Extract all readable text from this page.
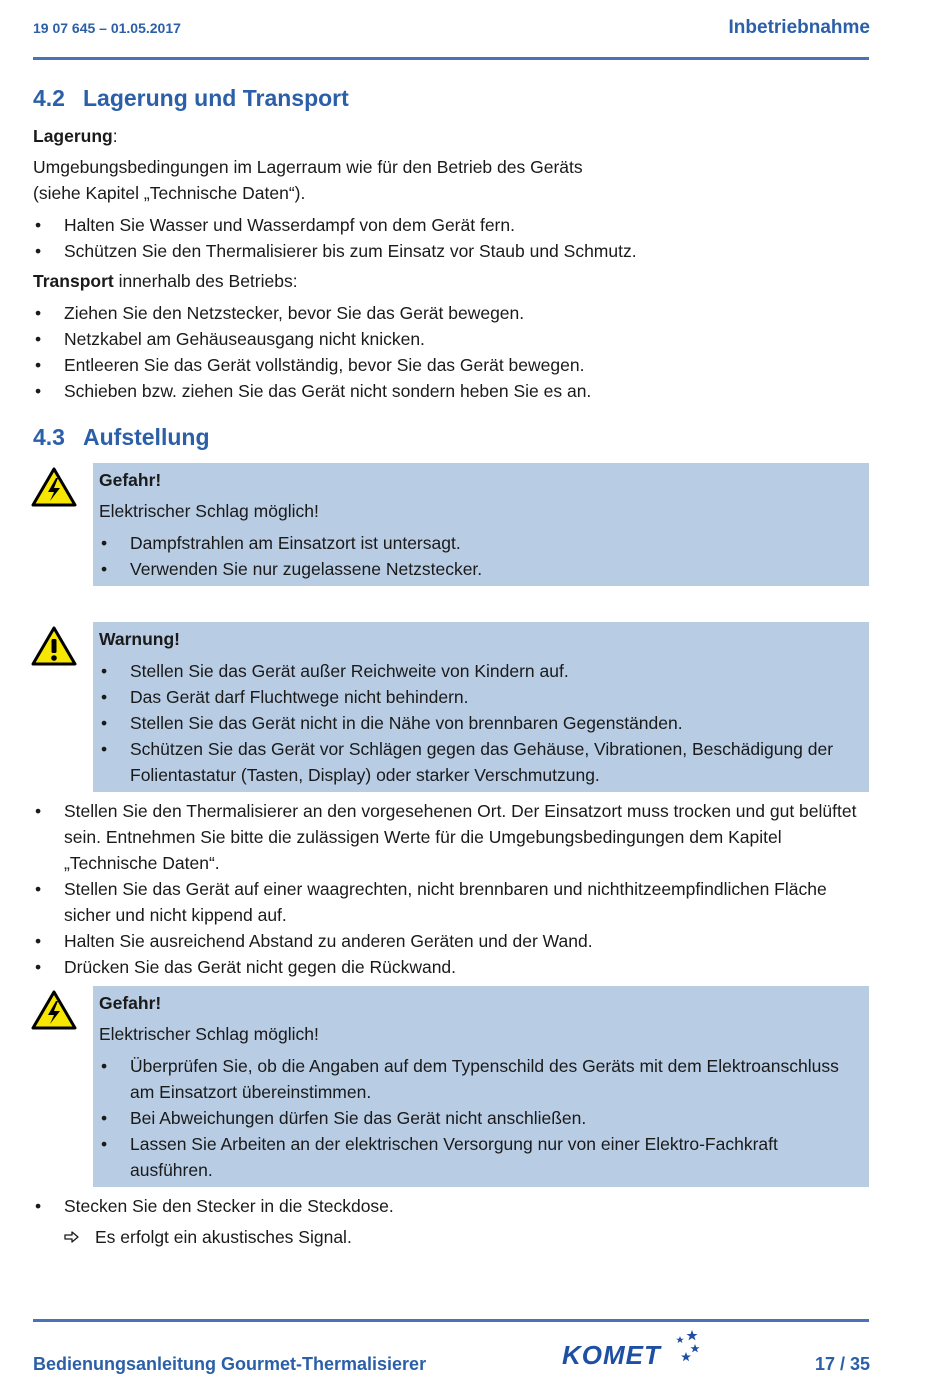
19 07 645 – 01.05.2017	Inbetriebnahme
4.2 Lagerung und Transport

Lagerung:

Umgebungsbedingungen im Lagerraum wie für den Betrieb des Geräts

(siehe Kapitel „Technische Daten“).

• Halten Sie Wasser und Wasserdampf von dem Gerät fern.
• Schützen Sie den Thermalisierer bis zum Einsatz vor Staub und Schmutz.

Transport innerhalb des Betriebs:

• Ziehen Sie den Netzstecker, bevor Sie das Gerät bewegen.
• Netzkabel am Gehäuseausgang nicht knicken.
• Entleeren Sie das Gerät vollständig, bevor Sie das Gerät bewegen.
• Schieben bzw. ziehen Sie das Gerät nicht sondern heben Sie es an.
4.3 Aufstellung

Gefahr!

Elektrischer Schlag möglich!

• Dampfstrahlen am Einsatzort ist untersagt.
• Verwenden Sie nur zugelassene Netzstecker.

Warnung!

• Stellen Sie das Gerät außer Reichweite von Kindern auf.
• Das Gerät darf Fluchtwege nicht behindern.
• Stellen Sie das Gerät nicht in die Nähe von brennbaren Gegenständen.
• Schützen Sie das Gerät vor Schlägen gegen das Gehäuse, Vibrationen, Beschädigung der Folientastatur (Tasten, Display) oder starker Verschmutzung.
• Stellen Sie den Thermalisierer an den vorgesehenen Ort. Der Einsatzort muss trocken und gut belüftet sein. Entnehmen Sie bitte die zulässigen Werte für die Umgebungsbedingungen dem Kapitel „Technische Daten“.
• Stellen Sie das Gerät auf einer waagrechten, nicht brennbaren und nichthitzeempfindlichen Fläche sicher und nicht kippend auf.
• Halten Sie ausreichend Abstand zu anderen Geräten und der Wand.
• Drücken Sie das Gerät nicht gegen die Rückwand.

Gefahr!

Elektrischer Schlag möglich!

• Überprüfen Sie, ob die Angaben auf dem Typenschild des Geräts mit dem Elektroanschluss am Einsatzort übereinstimmen.
• Bei Abweichungen dürfen Sie das Gerät nicht anschließen.
• Lassen Sie Arbeiten an der elektrischen Versorgung nur von einer Elektro-Fachkraft ausführen.
• Stecken Sie den Stecker in die Steckdose.
Es erfolgt ein akustisches Signal.
Bedienungsanleitung Gourmet-Thermalisierer	KOMET	17 / 35
